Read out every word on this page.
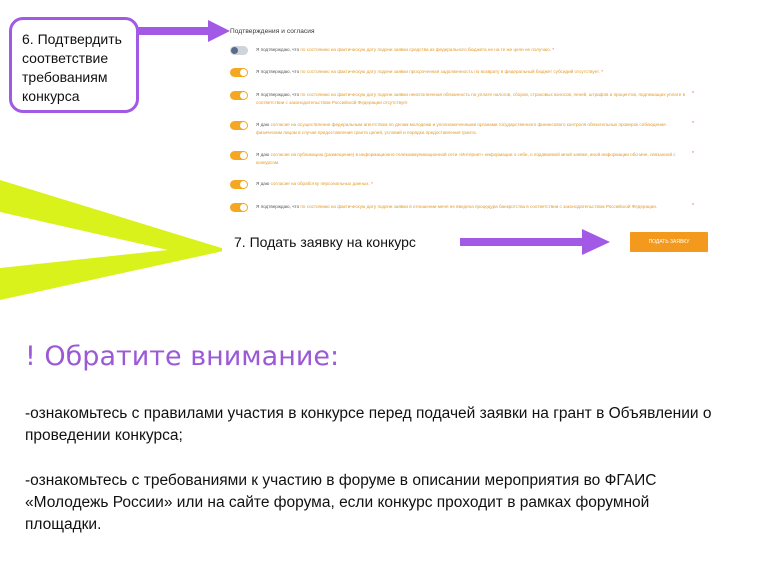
6. Подтвердить
соответствие
требованиям
конкурса
Подтверждения и согласия
Я подтверждаю, что по состоянию на фактическую дату подачи заявки средства из федерального бюджета не на те же цели не получаю. *
Я подтверждаю, что по состоянию на фактическую дату подачи заявки просроченная задолженность по возврату в федеральный бюджет субсидий отсутствует. *
Я подтверждаю, что по состоянию на фактическую дату подачи заявки неисполненная обязанность по уплате налогов, сборов, страховых взносов, пеней, штрафов и процентов, подлежащих уплате в соответствии с законодательством Российской Федерации отсутствует.
*
Я даю согласие на осуществление федеральным агентством по делам молодежи и уполномоченными органами государственного финансового контроля обязательных проверок соблюдения физическим лицом в случае предоставления гранта целей, условий и порядка предоставления гранта.
*
Я даю согласие на публикацию (размещение) в информационно-телекоммуникационной сети «Интернет» информации о себе, о подаваемой мной заявке, иной информации обо мне, связанной с конкурсом.
*
Я даю согласие на обработку персональных данных. *
Я подтверждаю, что по состоянию на фактическую дату подачи заявки в отношении меня не введена процедура банкротства в соответствии с законодательством Российской Федерации.	*
7. Подать заявку на конкурс	ПОДАТЬ ЗАЯВКУ
! Обратите внимание:
-ознакомьтесь с правилами участия в конкурсе перед подачей заявки на грант в Объявлении о проведении конкурса;
-ознакомьтесь с требованиями к участию в форуме в описании мероприятия во ФГАИС «Молодежь России» или на сайте форума, если конкурс проходит в рамках форумной площадки.
